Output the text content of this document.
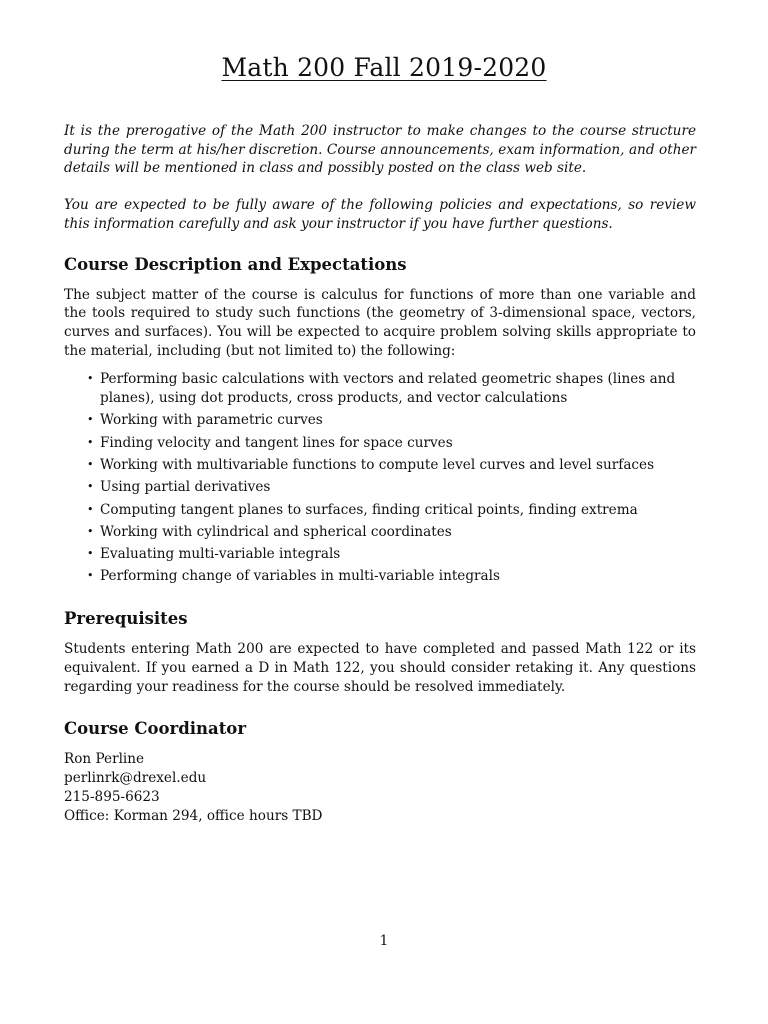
Math 200 Fall 2019-2020

It is the prerogative of the Math 200 instructor to make changes to the course structure during the term at his/her discretion. Course announcements, exam information, and other details will be mentioned in class and possibly posted on the class web site.

You are expected to be fully aware of the following policies and expectations, so review this information carefully and ask your instructor if you have further questions.

Course Description and Expectations

The subject matter of the course is calculus for functions of more than one variable and the tools required to study such functions (the geometry of 3-dimensional space, vectors, curves and surfaces). You will be expected to acquire problem solving skills appropriate to the material, including (but not limited to) the following:

• Performing basic calculations with vectors and related geometric shapes (lines and planes), using dot products, cross products, and vector calculations
• Working with parametric curves
• Finding velocity and tangent lines for space curves
• Working with multivariable functions to compute level curves and level surfaces
• Using partial derivatives
• Computing tangent planes to surfaces, finding critical points, finding extrema
• Working with cylindrical and spherical coordinates
• Evaluating multi-variable integrals
• Performing change of variables in multi-variable integrals
Prerequisites

Students entering Math 200 are expected to have completed and passed Math 122 or its equivalent. If you earned a D in Math 122, you should consider retaking it. Any questions regarding your readiness for the course should be resolved immediately.

Course Coordinator
Ron Perline
perlinrk@drexel.edu
215-895-6623
Office: Korman 294, office hours TBD
1
